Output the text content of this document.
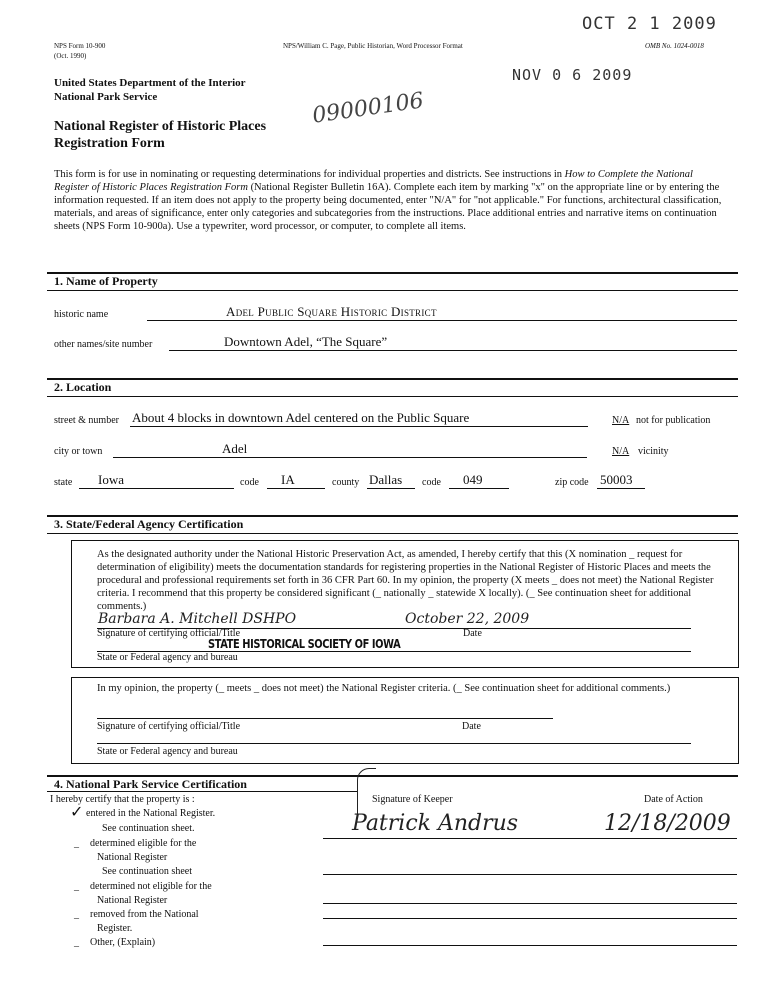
OCT 2 1 2009
NOV 0 6 2009
09000106
NPS Form 10-900
(Oct. 1990)
NPS/William C. Page, Public Historian, Word Processor Format	OMB No. 1024-0018
United States Department of the Interior
National Park Service
National Register of Historic Places
Registration Form
This form is for use in nominating or requesting determinations for individual properties and districts. See instructions in How to Complete the National Register of Historic Places Registration Form (National Register Bulletin 16A). Complete each item by marking "x" on the appropriate line or by entering the information requested. If an item does not apply to the property being documented, enter "N/A" for "not applicable." For functions, architectural classification, materials, and areas of significance, enter only categories and subcategories from the instructions. Place additional entries and narrative items on continuation sheets (NPS Form 10-900a). Use a typewriter, word processor, or computer, to complete all items.
1. Name of Property
historic name	Adel Public Square Historic District
other names/site number	Downtown Adel, “The Square”
2. Location
street & number About 4 blocks in downtown Adel centered on the Public Square	N/A not for publication
city or town	Adel	N/A vicinity
state Iowa	code IA	county Dallas code 049	zip code 50003
3. State/Federal Agency Certification
As the designated authority under the National Historic Preservation Act, as amended, I hereby certify that this (X nomination _ request for determination of eligibility) meets the documentation standards for registering properties in the National Register of Historic Places and meets the procedural and professional requirements set forth in 36 CFR Part 60. In my opinion, the property (X meets _ does not meet) the National Register criteria. I recommend that this property be considered significant (_ nationally _ statewide X locally). (_ See continuation sheet for additional comments.)
Barbara A. Mitchell DSHPO	October 22, 2009
Signature of certifying official/Title	Date
STATE HISTORICAL SOCIETY OF IOWA
State or Federal agency and bureau
In my opinion, the property (_ meets _ does not meet) the National Register criteria. (_ See continuation sheet for additional comments.)
Signature of certifying official/Title	Date
State or Federal agency and bureau
4. National Park Service Certification
I hereby certify that the property is :	Signature of Keeper	Date of Action
Patrick Andrus	12/18/2009
✓ entered in the National Register.
See continuation sheet.
_ determined eligible for the
National Register
See continuation sheet
_ determined not eligible for the
National Register
_ removed from the National
Register.
_ Other, (Explain)
